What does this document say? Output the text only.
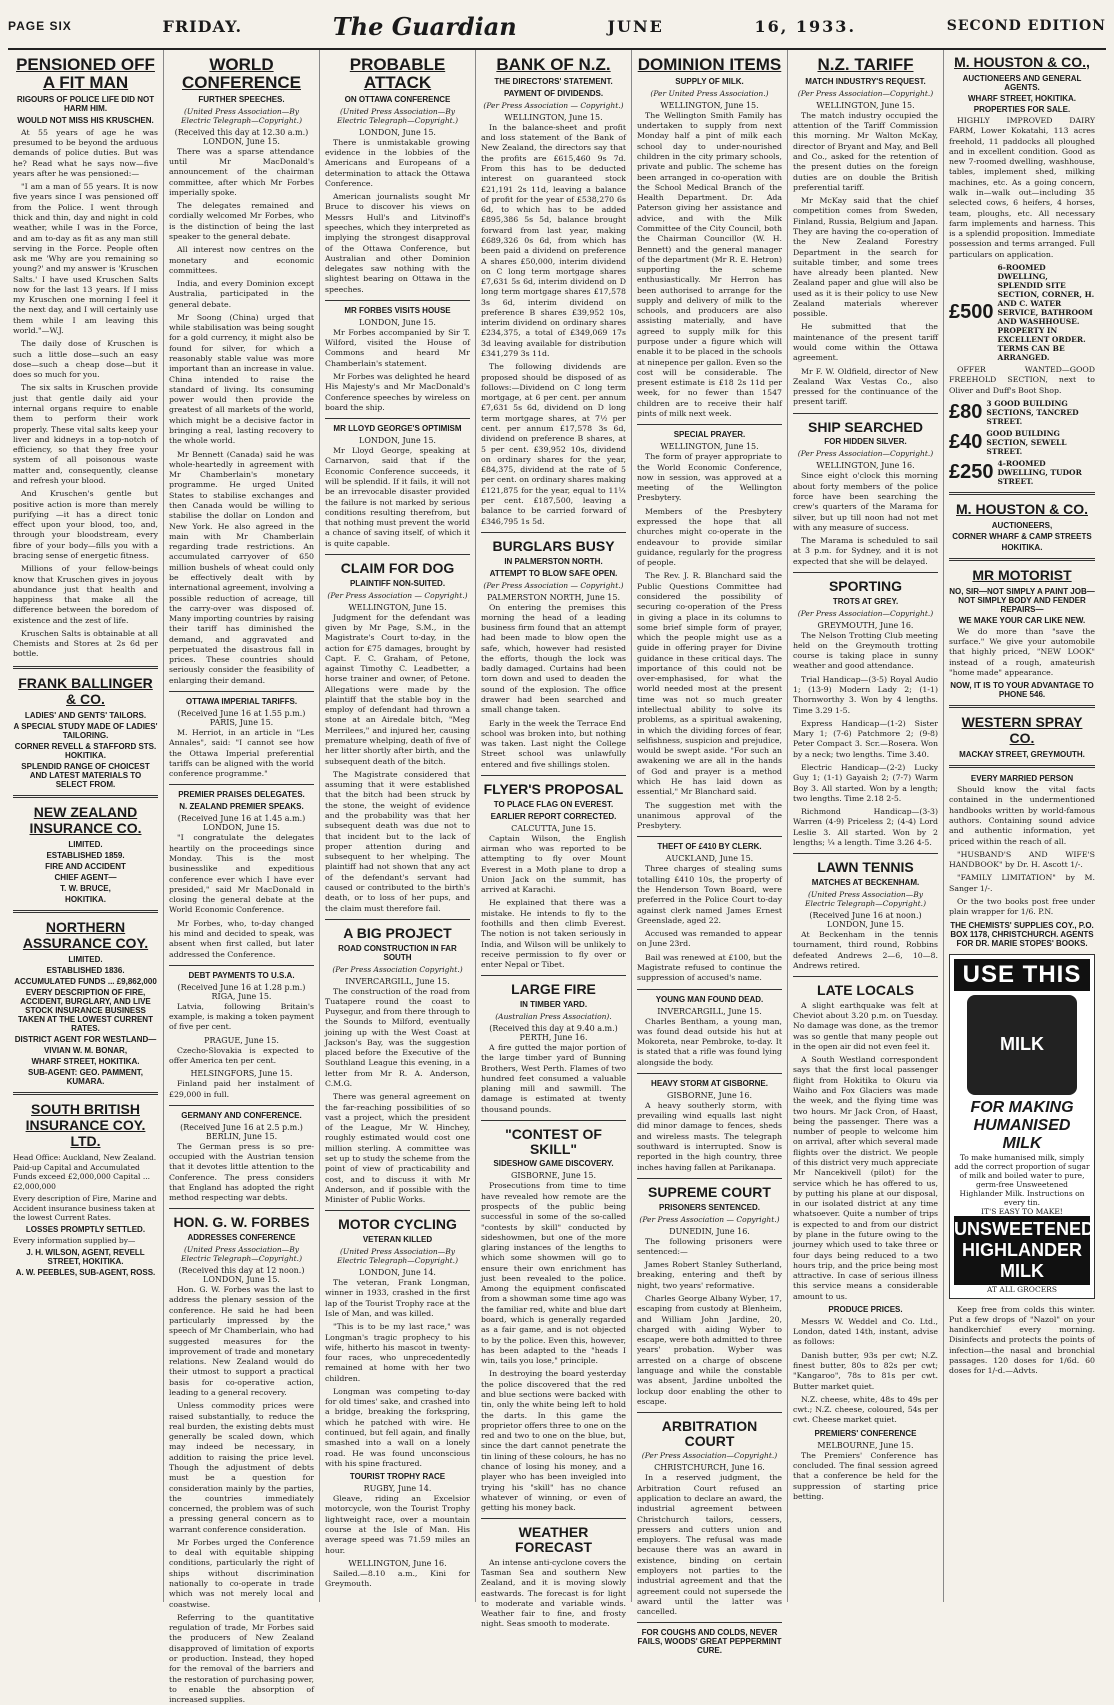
PAGE SIX	FRIDAY.	The Guardian	JUNE	16, 1933.	SECOND EDITION
PENSIONED OFF A FIT MAN
RIGOURS OF POLICE LIFE DID NOT HARM HIM.
WOULD NOT MISS HIS KRUSCHEN.

At 55 years of age he was presumed to be beyond the arduous demands of police duties. But was he? Read what he says now—five years after he was pensioned:—

"I am a man of 55 years. It is now five years since I was pensioned off from the Police. I went through thick and thin, day and night in cold weather, while I was in the Force, and am to-day as fit as any man still serving in the Force. People often ask me 'Why are you remaining so young?' and my answer is 'Kruschen Salts.' I have used Kruschen Salts now for the last 13 years. If I miss my Kruschen one morning I feel it the next day, and I will certainly use them while I am leaving this world."—W.J.

The daily dose of Kruschen is such a little dose—such an easy dose—such a cheap dose—but it does so much for you.

The six salts in Kruschen provide just that gentle daily aid your internal organs require to enable them to perform their work properly. These vital salts keep your liver and kidneys in a top-notch of efficiency, so that they free your system of all poisonous waste matter and, consequently, cleanse and refresh your blood.

And Kruschen's gentle but positive action is more than merely purifying —it has a direct tonic effect upon your blood, too, and, through your bloodstream, every fibre of your body—fills you with a bracing sense of energetic fitness.

Millions of your fellow-beings know that Kruschen gives in joyous abundance just that health and happiness that make all the difference between the boredom of existence and the zest of life.

Kruschen Salts is obtainable at all Chemists and Stores at 2s 6d per bottle.

FRANK BALLINGER & CO.
LADIES' AND GENTS' TAILORS.
A SPECIAL STUDY MADE OF LADIES' TAILORING.
CORNER REVELL & STAFFORD STS. HOKITIKA.
SPLENDID RANGE OF CHOICEST AND LATEST MATERIALS TO SELECT FROM.
NEW ZEALAND INSURANCE CO.
LIMITED.
ESTABLISHED 1859.
FIRE AND ACCIDENT
CHIEF AGENT—
T. W. BRUCE,
HOKITIKA.
NORTHERN ASSURANCE COY.
LIMITED.
ESTABLISHED 1836.
ACCUMULATED FUNDS ... £9,862,000
EVERY DESCRIPTION OF FIRE, ACCIDENT, BURGLARY, AND LIVE STOCK INSURANCE BUSINESS TAKEN AT THE LOWEST CURRENT RATES.
DISTRICT AGENT FOR WESTLAND—
VIVIAN W. M. BONAR,
WHARF STREET, HOKITIKA.
SUB-AGENT: GEO. PAMMENT, KUMARA.
SOUTH BRITISH INSURANCE COY. LTD.
Head Office: Auckland, New Zealand. Paid-up Capital and Accumulated Funds exceed £2,000,000 Capital ... £2,000,000
Every description of Fire, Marine and Accident insurance business taken at the lowest Current Rates.
LOSSES PROMPTLY SETTLED.
Every information supplied by—
J. H. WILSON, AGENT, REVELL STREET, HOKITIKA.
A. W. PEEBLES, SUB-AGENT, ROSS.
WORLD CONFERENCE
FURTHER SPEECHES.
(United Press Association—By Electric Telegraph—Copyright.)
(Received this day at 12.30 a.m.) LONDON, June 15.

There was a sparse attendance until Mr MacDonald's announcement of the chairman committee, after which Mr Forbes imperially spoke.

The delegates remained and cordially welcomed Mr Forbes, who is the distinction of being the last speaker to the general debate.

All interest now centres on the monetary and economic committees.

India, and every Dominion except Australia, participated in the general debate.

Mr Soong (China) urged that while stabilisation was being sought for a gold currency, it might also be found for silver, for which a reasonably stable value was more important than an increase in value. China intended to raise the standard of living. Its consuming power would then provide the greatest of all markets of the world, which might be a decisive factor in bringing a real, lasting recovery to the whole world.

Mr Bennett (Canada) said he was whole-heartedly in agreement with Mr Chamberlain's monetary programme. He urged United States to stabilise exchanges and then Canada would be willing to stabilise the dollar on London and New York. He also agreed in the main with Mr Chamberlain regarding trade restrictions. An accumulated carryover of 650 million bushels of wheat could only be effectively dealt with by international agreement, involving a possible reduction of acreage, till the carry-over was disposed of. Many importing countries by raising their tariff has diminished the demand, and aggravated and perpetuated the disastrous fall in prices. These countries should seriously consider the feasibility of enlarging their demand.

OTTAWA IMPERIAL TARIFFS.
(Received June 16 at 1.55 p.m.) PARIS, June 15.

M. Herriot, in an article in "Les Annales", said: "I cannot see how the Ottawa Imperial preferential tariffs can be aligned with the world conference programme."

PREMIER PRAISES DELEGATES.
N. ZEALAND PREMIER SPEAKS.
(Received June 16 at 1.45 a.m.) LONDON, June 15.

"I congratulate the delegates heartily on the proceedings since Monday. This is the most businesslike and expeditious conference ever which I have ever presided," said Mr MacDonald in closing the general debate at the World Economic Conference.

Mr Forbes, who, to-day changed his mind and decided to speak, was absent when first called, but later addressed the Conference.

DEBT PAYMENTS TO U.S.A.
(Received June 16 at 1.28 p.m.) RIGA, June 15.

Latvia, following Britain's example, is making a token payment of five per cent.

PRAGUE, June 15.

Czecho-Slovakia is expected to offer America ten per cent.

HELSINGFORS, June 15.

Finland paid her instalment of £29,000 in full.

GERMANY AND CONFERENCE.
(Received June 16 at 2.5 p.m.) BERLIN, June 15.

The German press is so pre-occupied with the Austrian tension that it devotes little attention to the Conference. The press considers that England has adopted the right method respecting war debts.

HON. G. W. FORBES
ADDRESSES CONFERENCE
(United Press Association—By Electric Telegraph—Copyright.)
(Received this day at 12 noon.) LONDON, June 15.

Hon. G. W. Forbes was the last to address the plenary session of the conference. He said he had been particularly impressed by the speech of Mr Chamberlain, who had suggested measures for the improvement of trade and monetary relations. New Zealand would do their utmost to support a practical basis for co-operative action, leading to a general recovery.

Unless commodity prices were raised substantially, to reduce the real burden, the existing debts must generally be scaled down, which may indeed be necessary, in addition to raising the price level. Though the adjustment of debts must be a question for consideration mainly by the parties, the countries immediately concerned, the problem was of such a pressing general concern as to warrant conference consideration.

Mr Forbes urged the Conference to deal with equitable shipping conditions, particularly the right of ships without discrimination nationally to co-operate in trade which was not merely local and coastwise.

Referring to the quantitative regulation of trade, Mr Forbes said the producers of New Zealand disapproved of limitation of exports or production. Instead, they hoped for the removal of the barriers and the restoration of purchasing power, to enable the absorption of increased supplies.

PROBABLE ATTACK
ON OTTAWA CONFERENCE
(United Press Association—By Electric Telegraph—Copyright.)
LONDON, June 15.

There is unmistakable growing evidence in the lobbies of the Americans and Europeans of a determination to attack the Ottawa Conference.

American journalists sought Mr Bruce to discover his views on Messrs Hull's and Litvinoff's speeches, which they interpreted as implying the strongest disapproval of the Ottawa Conference, but Australian and other Dominion delegates saw nothing with the slightest bearing on Ottawa in the speeches.

MR FORBES VISITS HOUSE
LONDON, June 15.

Mr Forbes accompanied by Sir T. Wilford, visited the House of Commons and heard Mr Chamberlain's statement.

Mr Forbes was delighted he heard His Majesty's and Mr MacDonald's Conference speeches by wireless on board the ship.

MR LLOYD GEORGE'S OPTIMISM
LONDON, June 15.

Mr Lloyd George, speaking at Carnarvon, said that if the Economic Conference succeeds, it will be splendid. If it fails, it will not be an irrevocable disaster provided the failure is not marked by serious conditions resulting therefrom, but that nothing must prevent the world a chance of saving itself, of which it is quite capable.

CLAIM FOR DOG
PLAINTIFF NON-SUITED.
(Per Press Association — Copyright.)
WELLINGTON, June 15.

Judgment for the defendant was given by Mr Page, S.M., in the Magistrate's Court to-day, in the action for £75 damages, brought by Capt. F. C. Graham, of Petone, against Timothy C. Leadbetter, a horse trainer and owner, of Petone. Allegations were made by the plaintiff that the stable boy in the employ of defendant had thrown a stone at an Airedale bitch, "Meg Merrilees," and injured her, causing premature whelping, death of five of her litter shortly after birth, and the subsequent death of the bitch.

The Magistrate considered that assuming that it were established that the bitch had been struck by the stone, the weight of evidence and the probability was that her subsequent death was due not to that incident but to the lack of proper attention during and subsequent to her whelping. The plaintiff had not shown that any act of the defendant's servant had caused or contributed to the birth's death, or to loss of her pups, and the claim must therefore fail.

A BIG PROJECT
ROAD CONSTRUCTION IN FAR SOUTH
(Per Press Association Copyright.)
INVERCARGILL, June 15.

The construction of the road from Tuatapere round the coast to Puysegur, and from there through to the Sounds to Milford, eventually joining up with the West Coast at Jackson's Bay, was the suggestion placed before the Executive of the Southland League this evening, in a letter from Mr R. A. Anderson, C.M.G.

There was general agreement on the far-reaching possibilities of so vast a project, which the president of the League, Mr W. Hinchey, roughly estimated would cost one million sterling. A committee was set up to study the scheme from the point of view of practicability and cost, and to discuss it with Mr Anderson, and if possible with the Minister of Public Works.

MOTOR CYCLING
VETERAN KILLED
(United Press Association—By Electric Telegraph—Copyright.)
LONDON, June 14.

The veteran, Frank Longman, winner in 1933, crashed in the first lap of the Tourist Trophy race at the Isle of Man, and was killed.

"This is to be my last race," was Longman's tragic prophecy to his wife, hitherto his mascot in twenty-four races, who unprecedentedly remained at home with her two children.

Longman was competing to-day for old times' sake, and crashed into a bridge, breaking the forkspring, which he patched with wire. He continued, but fell again, and finally smashed into a wall on a lonely road. He was found unconscious with his spine fractured.

TOURIST TROPHY RACE
RUGBY, June 14.

Gleave, riding an Excelsior motorcycle, won the Tourist Trophy lightweight race, over a mountain course at the Isle of Man. His average speed was 71.59 miles an hour.

WELLINGTON, June 16.

Sailed.—8.10 a.m., Kini for Greymouth.

BANK OF N.Z.
THE DIRECTORS' STATEMENT.
PAYMENT OF DIVIDENDS.
(Per Press Association — Copyright.)
WELLINGTON, June 15.

In the balance-sheet and profit and loss statement of the Bank of New Zealand, the directors say that the profits are £615,460 9s 7d. From this has to be deducted interest on guaranteed stock £21,191 2s 11d, leaving a balance of profit for the year of £538,270 6s 6d, to which has to be added £895,386 5s 5d, balance brought forward from last year, making £689,326 0s 6d, from which has been paid a dividend on preference A shares £50,000, interim dividend on C long term mortgage shares £7,631 5s 6d, interim dividend on D long term mortgage shares £17,578 3s 6d, interim dividend on preference B shares £39,952 10s, interim dividend on ordinary shares £234,375, a total of £349,069 17s 3d leaving available for distribution £341,279 3s 11d.

The following dividends are proposed should be disposed of as follows:—Dividend on C long term mortgage, at 6 per cent. per annum £7,631 5s 6d, dividend on D long term mortgage shares, at 7½ per cent. per annum £17,578 3s 6d, dividend on preference B shares, at 5 per cent. £39,952 10s, dividend on ordinary shares for the year, £84,375, dividend at the rate of 5 per cent. on ordinary shares making £121,875 for the year, equal to 11¼ per cent. £187,500, leaving a balance to be carried forward of £346,795 1s 5d.

BURGLARS BUSY
IN PALMERSTON NORTH.
ATTEMPT TO BLOW SAFE OPEN.
(Per Press Association — Copyright.)
PALMERSTON NORTH, June 15.

On entering the premises this morning the head of a leading business firm found that an attempt had been made to blow open the safe, which, however had resisted the efforts, though the lock was badly damaged. Curtains had been torn down and used to deaden the sound of the explosion. The office drawer had been searched and small change taken.

Early in the week the Terrace End school was broken into, but nothing was taken. Last night the College Street school was unlawfully entered and five shillings stolen.

FLYER'S PROPOSAL
TO PLACE FLAG ON EVEREST.
EARLIER REPORT CORRECTED.
CALCUTTA, June 15.

Captain Wilson, the English airman who was reported to be attempting to fly over Mount Everest in a Moth plane to drop a Union Jack on the summit, has arrived at Karachi.

He explained that there was a mistake. He intends to fly to the foothills and then climb Everest. The notion is not taken seriously in India, and Wilson will be unlikely to receive permission to fly over or enter Nepal or Tibet.

LARGE FIRE
IN TIMBER YARD.
(Australian Press Association).
(Received this day at 9.40 a.m.) PERTH, June 16.

A fire gutted the major portion of the large timber yard of Bunning Brothers, West Perth. Flames of two hundred feet consumed a valuable planing mill and sawmill. The damage is estimated at twenty thousand pounds.

"CONTEST OF SKILL"
SIDESHOW GAME DISCOVERY.
GISBORNE, June 15.

Prosecutions from time to time have revealed how remote are the prospects of the public being successful in some of the so-called "contests by skill" conducted by sideshowmen, but one of the more glaring instances of the lengths to which some showmen will go to ensure their own enrichment has just been revealed to the police. Among the equipment confiscated from a showman some time ago was the familiar red, white and blue dart board, which is generally regarded as a fair game, and is not objected to by the police. Even this, however, has been adapted to the "heads I win, tails you lose," principle.

In destroying the board yesterday the police discovered that the red and blue sections were backed with tin, only the white being left to hold the darts. In this game the proprietor offers three to one on the red and two to one on the blue, but, since the dart cannot penetrate the tin lining of these colours, he has no chance of losing his money, and a player who has been inveigled into trying his "skill" has no chance whatever of winning, or even of getting his money back.

WEATHER FORECAST

An intense anti-cyclone covers the Tasman Sea and southern New Zealand, and it is moving slowly eastwards. The forecast is for light to moderate and variable winds. Weather fair to fine, and frosty night. Seas smooth to moderate.

DOMINION ITEMS
SUPPLY OF MILK.
(Per United Press Association.)
WELLINGTON, June 15.

The Wellington Smith Family has undertaken to supply from next Monday half a pint of milk each school day to under-nourished children in the city primary schools, private and public. The scheme has been arranged in co-operation with the School Medical Branch of the Health Department. Dr. Ada Paterson giving her assistance and advice, and with the Milk Committee of the City Council, both the Chairman Councillor (W. H. Bennett) and the general manager of the department (Mr R. E. Hetron) supporting the scheme enthusiastically. Mr Herron has been authorised to arrange for the supply and delivery of milk to the schools, and producers are also assisting materially, and have agreed to supply milk for this purpose under a figure which will enable it to be placed in the schools at ninepence per gallon. Even so the cost will be considerable. The present estimate is £18 2s 11d per week, for no fewer than 1547 children are to receive their half pints of milk next week.

SPECIAL PRAYER.
WELLINGTON, June 15.

The form of prayer appropriate to the World Economic Conference, now in session, was approved at a meeting of the Wellington Presbytery.

Members of the Presbytery expressed the hope that all churches might co-operate in the endeavour to provide similar guidance, regularly for the progress of people.

The Rev. J. R. Blanchard said the Public Questions Committee had considered the possibility of securing co-operation of the Press in giving a place in its columns to some brief simple form of prayer, which the people might use as a guide in offering prayer for Divine guidance in these critical days. The importance of this could not be over-emphasised, for what the world needed most at the present time was not so much greater intellectual ability to solve its problems, as a spiritual awakening, in which the dividing forces of fear, selfishness, suspicion and prejudice, would be swept aside. "For such an awakening we are all in the hands of God and prayer is a method which He has laid down as essential," Mr Blanchard said.

The suggestion met with the unanimous approval of the Presbytery.

THEFT OF £410 BY CLERK.
AUCKLAND, June 15.

Three charges of stealing sums totalling £410 10s, the property of the Henderson Town Board, were preferred in the Police Court to-day against clerk named James Ernest Greenslade, aged 22.

Accused was remanded to appear on June 23rd.

Bail was renewed at £100, but the Magistrate refused to continue the suppression of accused's name.

YOUNG MAN FOUND DEAD.
INVERCARGILL, June 15.

Charles Bentham, a young man, was found dead outside his hut at Mokoreta, near Pembroke, to-day. It is stated that a rifle was found lying alongside the body.

HEAVY STORM AT GISBORNE.
GISBORNE, June 16.

A heavy southerly storm, with prevailing wind equalls last night did minor damage to fences, sheds and wireless masts. The telegraph southward is interrupted. Snow is reported in the high country, three inches having fallen at Parikanapa.

SUPREME COURT
PRISONERS SENTENCED.
(Per Press Association — Copyright.)
DUNEDIN, June 16.

The following prisoners were sentenced:—

James Robert Stanley Sutherland, breaking, entering and theft by night, two years' reformative.

Charles George Albany Wyber, 17, escaping from custody at Blenheim, and William John Jardine, 20, charged with aiding Wyber to escape, were both admitted to three years' probation. Wyber was arrested on a charge of obscene language and while the constable was absent, Jardine unbolted the lockup door enabling the other to escape.

ARBITRATION COURT
(Per Press Association—Copyright.)
CHRISTCHURCH, June 16.

In a reserved judgment, the Arbitration Court refused an application to declare an award, the industrial agreement between Christchurch tailors, cessers, pressers and cutters union and employers. The refusal was made because there was an award in existence, binding on certain employers not parties to the industrial agreement and that the agreement could not supersede the award until the latter was cancelled.

FOR COUGHS AND COLDS, NEVER FAILS, WOODS' GREAT PEPPERMINT CURE.
N.Z. TARIFF
MATCH INDUSTRY'S REQUEST.
(Per Press Association—Copyright.)
WELLINGTON, June 15.

The match industry occupied the attention of the Tariff Commission this morning. Mr Walton McKay, director of Bryant and May, and Bell and Co., asked for the retention of the present duties on the foreign duties are on double the British preferential tariff.

Mr McKay said that the chief competition comes from Sweden, Finland, Russia, Belgium and Japan. They are having the co-operation of the New Zealand Forestry Department in the search for suitable timber, and some trees have already been planted. New Zealand paper and glue will also be used as it is their policy to use New Zealand materials wherever possible.

He submitted that the maintenance of the present tariff would come within the Ottawa agreement.

Mr F. W. Oldfield, director of New Zealand Wax Vestas Co., also pressed for the continuance of the present tariff.

SHIP SEARCHED
FOR HIDDEN SILVER.
(Per Press Association—Copyright.)
WELLINGTON, June 16.

Since eight o'clock this morning about forty members of the police force have been searching the crew's quarters of the Marama for silver, but up till noon had not met with any measure of success.

The Marama is scheduled to sail at 3 p.m. for Sydney, and it is not expected that she will be delayed.

SPORTING
TROTS AT GREY.
(Per Press Association—Copyright.)
GREYMOUTH, June 16.

The Nelson Trotting Club meeting held on the Greymouth trotting course is taking place in sunny weather and good attendance.

Trial Handicap—(3-5) Royal Audio 1; (13-9) Modern Lady 2; (1-1) Thornworthy 3. Won by 4 lengths. Time 3.29 1-5.

Express Handicap—(1-2) Sister Mary 1; (7-6) Patchmore 2; (9-8) Peter Compact 3. Scr.—Rosera. Won by a neck; two lengths. Time 3.40.

Electric Handicap—(2-2) Lucky Guy 1; (1-1) Gayaish 2; (7-7) Warm Boy 3. All started. Won by a length; two lengths. Time 2.18 2-5.

Richmond Handicap—(3-3) Warren (4-9) Priceless 2; (4-4) Lord Leslie 3. All started. Won by 2 lengths; ¼ a length. Time 3.26 4-5.

LAWN TENNIS
MATCHES AT BECKENHAM.
(United Press Association—By Electric Telegraph—Copyright.)
(Received June 16 at noon.) LONDON, June 15.

At Beckenham in the tennis tournament, third round, Robbins defeated Andrews 2—6, 10—8. Andrews retired.

LATE LOCALS

A slight earthquake was felt at Cheviot about 3.20 p.m. on Tuesday. No damage was done, as the tremor was so gentle that many people out in the open air did not even feel it.

A South Westland correspondent says that the first local passenger flight from Hokitika to Okuru via Waiho and Fox Glaciers was made the week, and the flying time was two hours. Mr Jack Cron, of Haast, being the passenger. There was a number of people to welcome him on arrival, after which several made flights over the district. We people of this district very much appreciate Mr Nancekivell (pilot) for the service which he has offered to us, by putting his plane at our disposal, in our isolated district at any time whatsoever. Quite a number of trips is expected to and from our district by plane in the future owing to the journey which used to take three or four days being reduced to a two hours trip, and the price being most attractive. In case of serious illness this service means a considerable amount to us.

PRODUCE PRICES.

Messrs W. Weddel and Co. Ltd., London, dated 14th, instant, advise as follows:

Danish butter, 93s per cwt; N.Z. finest butter, 80s to 82s per cwt; "Kangaroo", 78s to 81s per cwt. Butter market quiet.

N.Z. cheese, white, 48s to 49s per cwt.; N.Z. cheese, coloured, 54s per cwt. Cheese market quiet.

PREMIERS' CONFERENCE
MELBOURNE, June 15.

The Premiers' Conference has concluded. The final session agreed that a conference be held for the suppression of starting price betting.

M. HOUSTON & CO.,
AUCTIONEERS AND GENERAL AGENTS.
WHARF STREET, HOKITIKA.
PROPERTIES FOR SALE.

HIGHLY IMPROVED DAIRY FARM, Lower Kokatahi, 113 acres freehold, 11 paddocks all ploughed and in excellent condition. Good as new 7-roomed dwelling, washhouse, tables, implement shed, milking machines, etc. As a going concern, walk in—walk out—including 35 selected cows, 6 heifers, 4 horses, team, ploughs, etc. All necessary farm implements and harness. This is a splendid proposition. Immediate possession and terms arranged. Full particulars on application.

£500
6-ROOMED DWELLING, SPLENDID SITE SECTION, CORNER, H. AND C. WATER SERVICE, BATHROOM AND WASHHOUSE. PROPERTY IN EXCELLENT ORDER. TERMS CAN BE ARRANGED.

OFFER WANTED—GOOD FREEHOLD SECTION, next to Oliver and Duff's Boot Shop.

£80 3 GOOD BUILDING SECTIONS, TANCRED STREET.
£40 GOOD BUILDING SECTION, SEWELL STREET.
£250 4-ROOMED DWELLING, TUDOR STREET.
M. HOUSTON & CO.
AUCTIONEERS,
CORNER WHARF & CAMP STREETS
HOKITIKA.
MR MOTORIST
NO, SIR—NOT SIMPLY A PAINT JOB—NOT SIMPLY BODY AND FENDER REPAIRS—
WE MAKE YOUR CAR LIKE NEW.

We do more than "save the surface." We give your automobile that highly priced, "NEW LOOK" instead of a rough, amateurish "home made" appearance.

NOW, IT IS TO YOUR ADVANTAGE TO PHONE 546.
WESTERN SPRAY CO.
MACKAY STREET, GREYMOUTH.
EVERY MARRIED PERSON

Should know the vital facts contained in the undermentioned handbooks written by world-famous authors. Containing sound advice and authentic information, yet priced within the reach of all.

"HUSBAND'S AND WIFE'S HANDBOOK" by Dr. H. Ascott 1/-.

"FAMILY LIMITATION" by M. Sanger 1/-.

Or the two books post free under plain wrapper for 1/6. P.N.

THE CHEMISTS' SUPPLIES COY., P.O. BOX 1178, CHRISTCHURCH. AGENTS FOR DR. MARIE STOPES' BOOKS.
USE THIS
MILK
FOR MAKING HUMANISED MILK
To make humanised milk, simply add the correct proportion of sugar of milk and boiled water to pure, germ-free Unsweetened Highlander Milk. Instructions on every tin.
IT'S EASY TO MAKE!
UNSWEETENED HIGHLANDER MILK
AT ALL GROCERS

Keep free from colds this winter. Put a few drops of "Nazol" on your handkerchief every morning. Disinfects and protects the points of infection—the nasal and bronchial passages. 120 doses for 1/6d. 60 doses for 1/-d.—Advts.
